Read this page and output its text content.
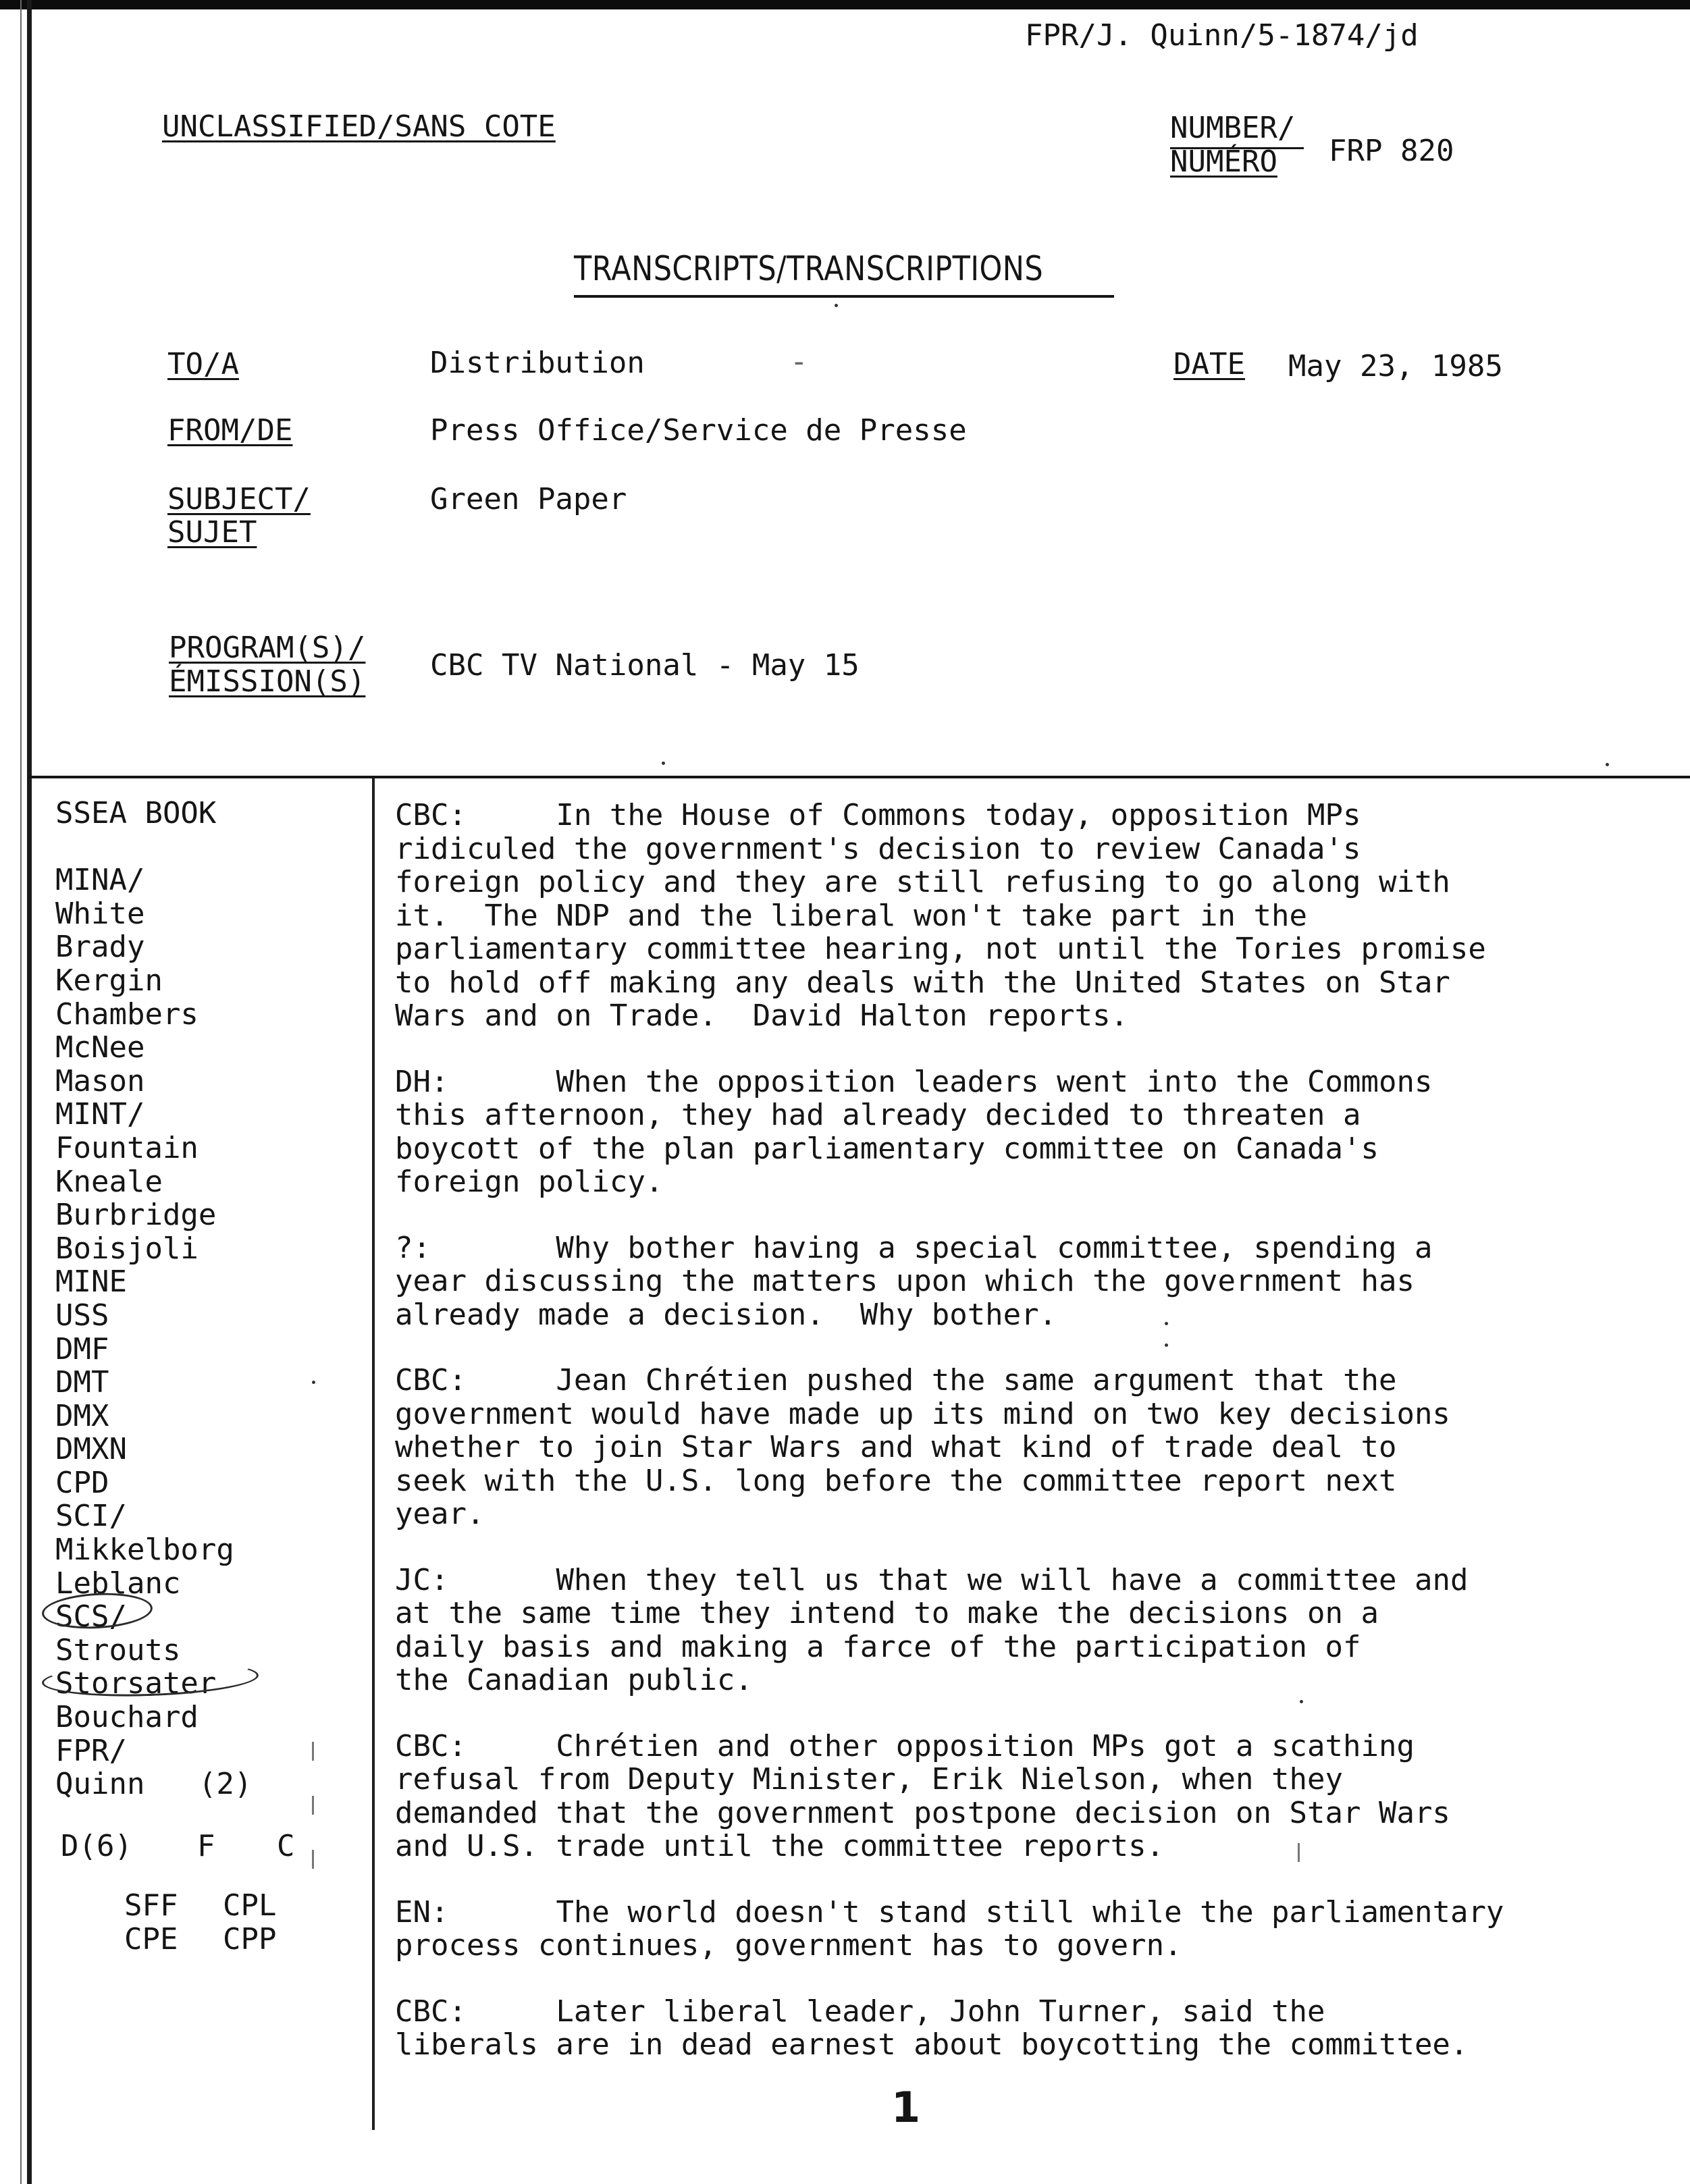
FPR/J. Quinn/5-1874/jd
UNCLASSIFIED/SANS COTE	NUMBER/
NUMÉRO FRP 820
TRANSCRIPTS/TRANSCRIPTIONS
TO/A	Distribution	-	DATE May 23, 1985
FROM/DE	Press Office/Service de Presse
SUBJECT/
SUJET
Green Paper
PROGRAM(S)/
ÉMISSION(S) CBC TV National - May 15
SSEA BOOK
MINA/
White
Brady
Kergin
Chambers
McNee
Mason
MINT/
Fountain
Kneale
Burbridge
Boisjoli
MINE
USS
DMF
DMT
DMX
DMXN
CPD
SCI/
Mikkelborg
Leblanc
SCS/
Strouts
Storsater
Bouchard
FPR/
Quinn (2)
D(6) F C
SFF CPL
CPE CPP
CBC:	In the House of Commons today, opposition MPs
ridiculed the government's decision to review Canada's
foreign policy and they are still refusing to go along with
it.  The NDP and the liberal won't take part in the
parliamentary committee hearing, not until the Tories promise
to hold off making any deals with the United States on Star
Wars and on Trade.  David Halton reports.
DH:	When the opposition leaders went into the Commons
this afternoon, they had already decided to threaten a
boycott of the plan parliamentary committee on Canada's
foreign policy.
?:	Why bother having a special committee, spending a
year discussing the matters upon which the government has
already made a decision.  Why bother.
CBC:	Jean Chrétien pushed the same argument that the
government would have made up its mind on two key decisions
whether to join Star Wars and what kind of trade deal to
seek with the U.S. long before the committee report next
year.
JC:	When they tell us that we will have a committee and
at the same time they intend to make the decisions on a
daily basis and making a farce of the participation of
the Canadian public.
CBC:	Chrétien and other opposition MPs got a scathing
refusal from Deputy Minister, Erik Nielson, when they
demanded that the government postpone decision on Star Wars
and U.S. trade until the committee reports.
EN:	The world doesn't stand still while the parliamentary
process continues, government has to govern.
CBC:	Later liberal leader, John Turner, said the
liberals are in dead earnest about boycotting the committee.
1
